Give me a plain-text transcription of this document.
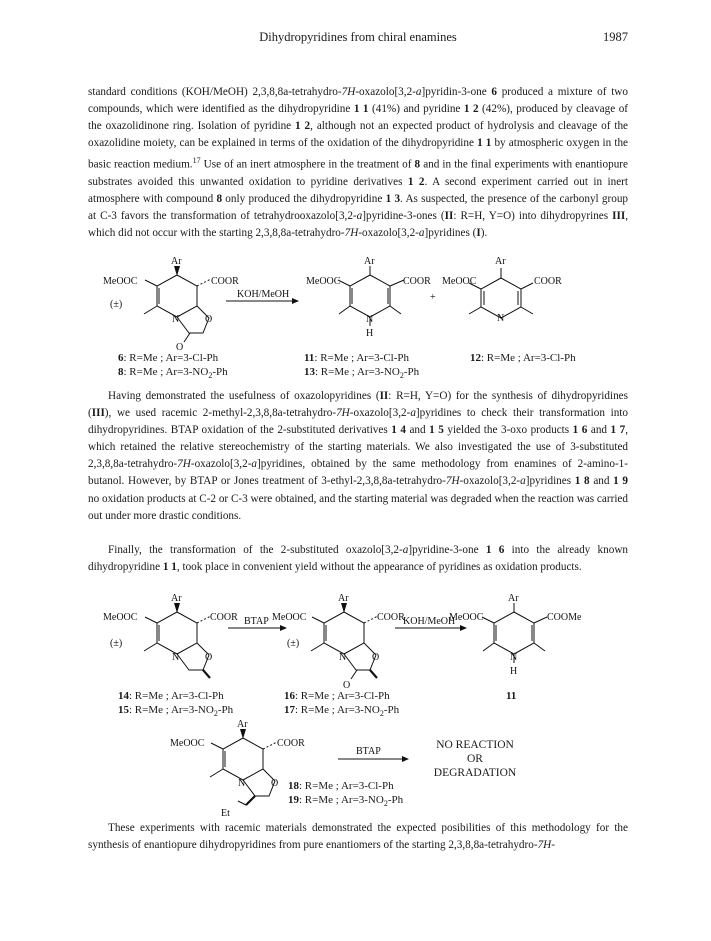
Dihydropyridines from chiral enamines	1987

standard conditions (KOH/MeOH) 2,3,8,8a-tetrahydro-7H-oxazolo[3,2-a]pyridin-3-one 6 produced a mixture of two compounds, which were identified as the dihydropyridine 1 1 (41%) and pyridine 1 2 (42%), produced by cleavage of the oxazolidinone ring. Isolation of pyridine 1 2, although not an expected product of hydrolysis and cleavage of the oxazolidine moiety, can be explained in terms of the oxidation of the dihydropyridine 1 1 by atmospheric oxygen in the basic reaction medium.$^{17}$ Use of an inert atmosphere in the treatment of 8 and in the final experiments with enantiopure substrates avoided this unwanted oxidation to pyridine derivatives 1 2. A second experiment carried out in inert atmosphere with compound 8 only produced the dihydropyridine 1 3. As suspected, the presence of the carbonyl group at C-3 favors the transformation of tetrahydrooxazolo[3,2-a]pyridine-3-ones (II: R=H, Y=O) into dihydropyrines III, which did not occur with the starting 2,3,8,8a-tetrahydro-7H-oxazolo[3,2-a]pyridines (I).

Ar
MeOOC	COOR
(±)
N	O
O
KOH/MeOH
Ar
MeOOC	COOR
N
H
+
Ar
MeOOC	COOR
N
6: R=Me ; Ar=3-Cl-Ph
8: R=Me ; $Ar=3-NO_2-Ph$
11: R=Me ; Ar=3-Cl-Ph
13: R=Me ; $Ar=3-NO_2-Ph$
12: R=Me ; Ar=3-Cl-Ph

Having demonstrated the usefulness of oxazolopyridines (II: R=H, Y=O) for the synthesis of dihydropyridines (III), we used racemic 2-methyl-2,3,8,8a-tetrahydro-7H-oxazolo[3,2-a]pyridines to check their transformation into dihydropyridines. BTAP oxidation of the 2-substituted derivatives 1 4 and 1 5 yielded the 3-oxo products 1 6 and 1 7, which retained the relative stereochemistry of the starting materials. We also investigated the use of 3-substituted 2,3,8,8a-tetrahydro-7H-oxazolo[3,2-a]pyridines, obtained by the same methodology from enamines of 2-amino-1-butanol. However, by BTAP or Jones treatment of 3-ethyl-2,3,8,8a-tetrahydro-7H-oxazolo[3,2-a]pyridines 1 8 and 1 9 no oxidation products at C-2 or C-3 were obtained, and the starting material was degraded when the reaction was carried out under more drastic conditions.

Finally, the transformation of the 2-substituted oxazolo[3,2-a]pyridine-3-one 1 6 into the already known dihydropyridine 1 1, took place in convenient yield without the appearance of pyridines as oxidation products.

Ar
MeOOC	COOR
(±)
N	O
BTAP
Ar
MeOOC	COOR
(±)
N	O
O
KOH/MeOH
Ar
MeOOC	COOMe
N
H
14: R=Me ; Ar=3-Cl-Ph
15: R=Me ; $Ar=3-NO_2-Ph$
16: R=Me ; Ar=3-Cl-Ph
17: R=Me ; $Ar=3-NO_2-Ph$
11
Ar
MeOOC	COOR
N	O
Et
BTAP
NO REACTION
OR
DEGRADATION
18: R=Me ; Ar=3-Cl-Ph
19: R=Me ; $Ar=3-NO_2-Ph$

These experiments with racemic materials demonstrated the expected posibilities of this methodology for the synthesis of enantiopure dihydropyridines from pure enantiomers of the starting 2,3,8,8a-tetrahydro-7H-
